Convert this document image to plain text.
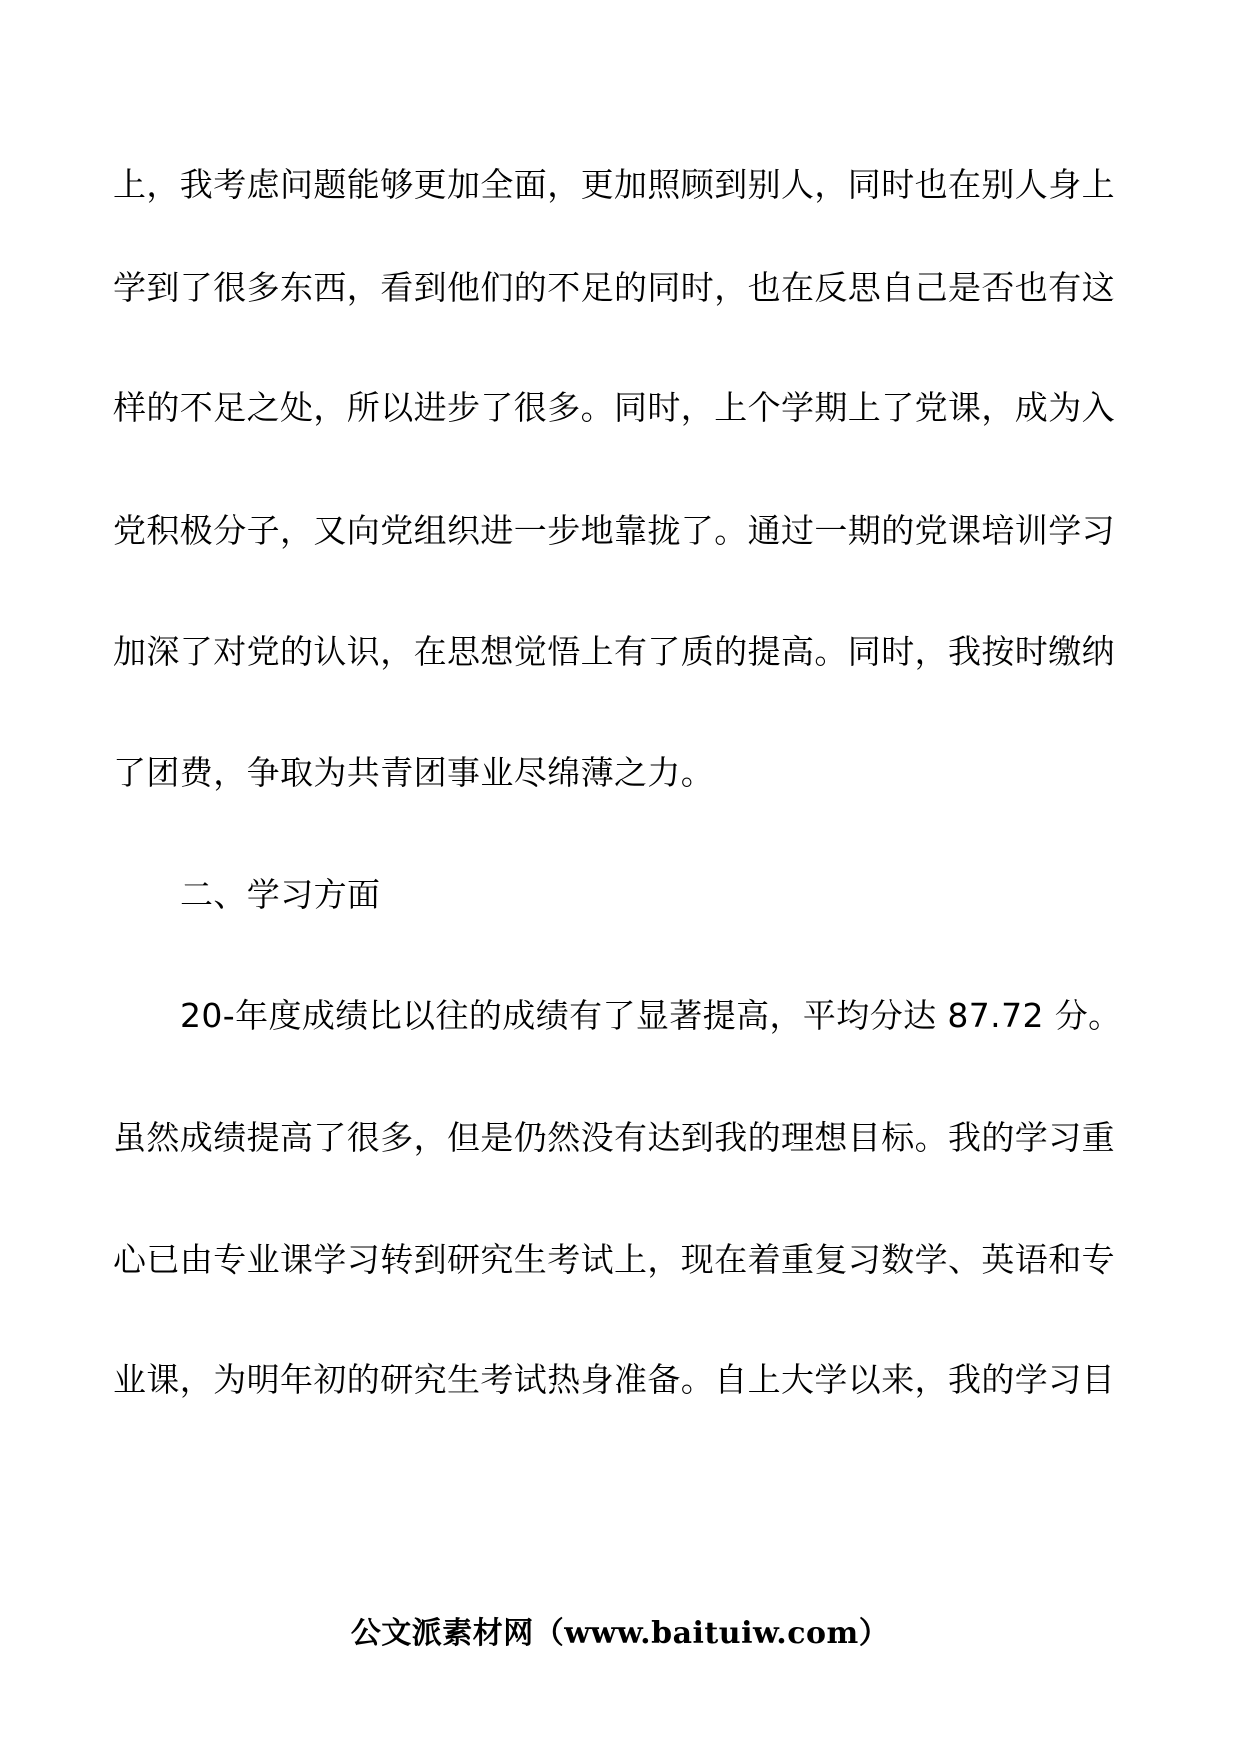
上，我考虑问题能够更加全面，更加照顾到别人，同时也在别人身上
学到了很多东西，看到他们的不足的同时，也在反思自己是否也有这
样的不足之处，所以进步了很多。同时，上个学期上了党课，成为入
党积极分子，又向党组织进一步地靠拢了。通过一期的党课培训学习
加深了对党的认识，在思想觉悟上有了质的提高。同时，我按时缴纳
了团费，争取为共青团事业尽绵薄之力。
二、学习方面
20-年度成绩比以往的成绩有了显著提高，平均分达 87.72 分。
虽然成绩提高了很多，但是仍然没有达到我的理想目标。我的学习重
心已由专业课学习转到研究生考试上，现在着重复习数学、英语和专
业课，为明年初的研究生考试热身准备。自上大学以来，我的学习目
公文派素材网（www.baituiw.com）
